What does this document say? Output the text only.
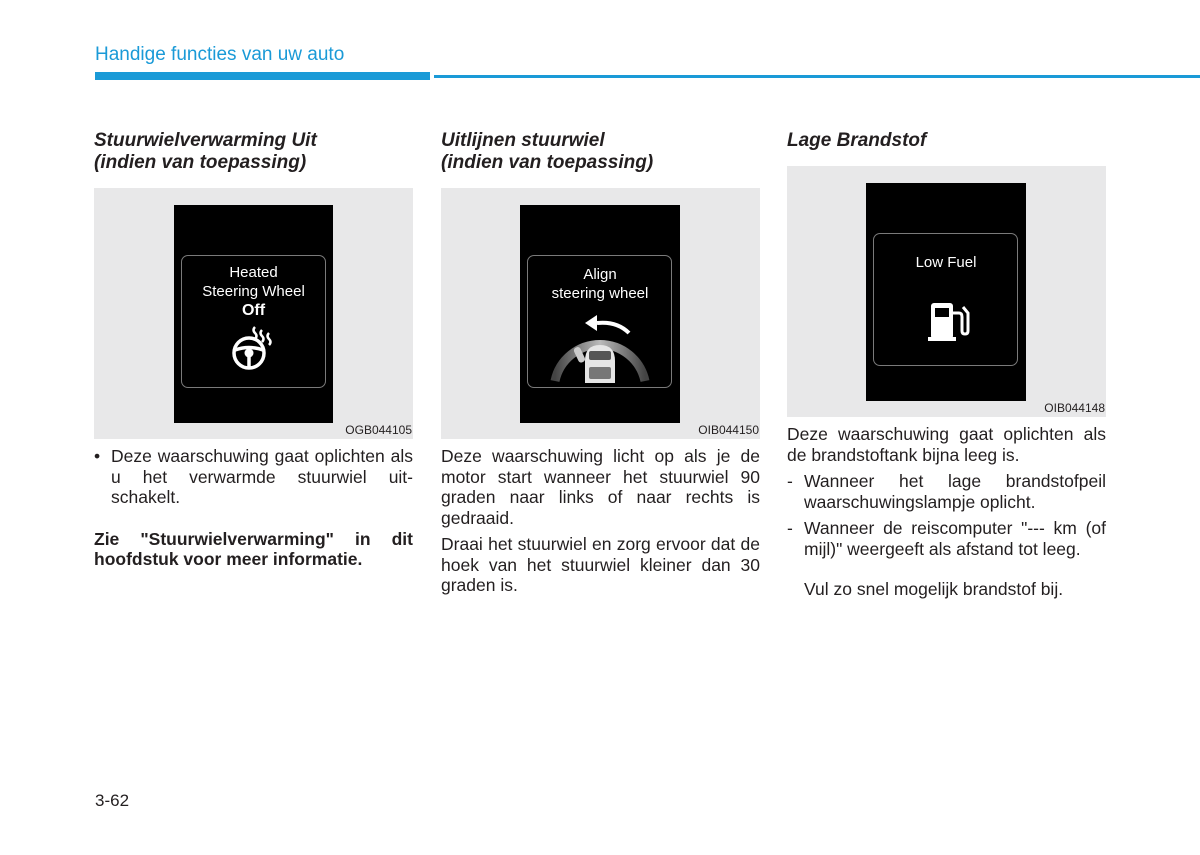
Handige functies van uw auto

Stuurwielverwarming Uit
(indien van toepassing)

Heated
Steering Wheel
Off
OGB044105
• Deze waarschuwing gaat oplichten als u het verwarmde stuurwiel uit-schakelt.

Zie "Stuurwielverwarming" in dit hoofdstuk voor meer informatie.

Uitlijnen stuurwiel
(indien van toepassing)

Align
steering wheel
OIB044150

Deze waarschuwing licht op als je de motor start wanneer het stuurwiel 90 graden naar links of naar rechts is gedraaid.

Draai het stuurwiel en zorg ervoor dat de hoek van het stuurwiel kleiner dan 30 graden is.

Lage Brandstof

Low Fuel
OIB044148

Deze waarschuwing gaat oplichten als de brandstoftank bijna leeg is.

- Wanneer het lage brandstofpeil waarschuwingslampje oplicht.
- Wanneer de reiscomputer "--- km (of mijl)" weergeeft als afstand tot leeg.

Vul zo snel mogelijk brandstof bij.

3-62
